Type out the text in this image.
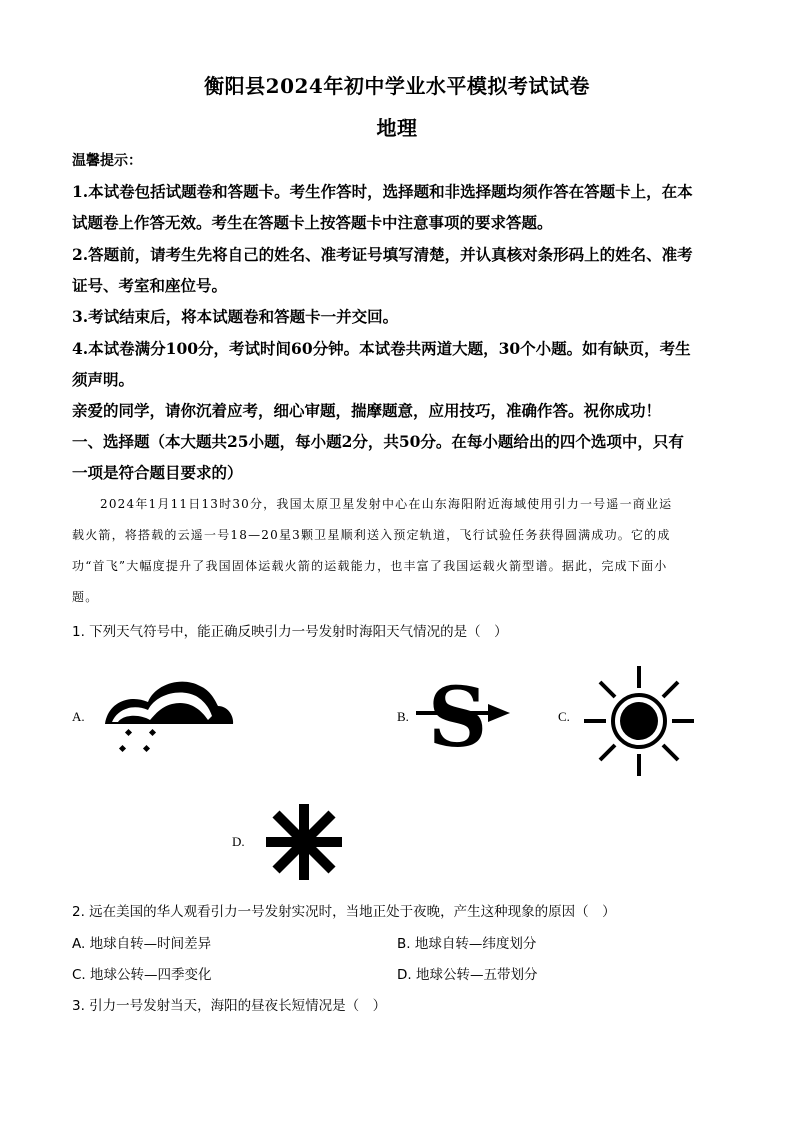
衡阳县2024年初中学业水平模拟考试试卷
地理
温馨提示：
1.本试卷包括试题卷和答题卡。考生作答时，选择题和非选择题均须作答在答题卡上，在本
试题卷上作答无效。考生在答题卡上按答题卡中注意事项的要求答题。
2.答题前，请考生先将自己的姓名、准考证号填写清楚，并认真核对条形码上的姓名、准考
证号、考室和座位号。
3.考试结束后，将本试题卷和答题卡一并交回。
4.本试卷满分100分，考试时间60分钟。本试卷共两道大题，30个小题。如有缺页，考生
须声明。
亲爱的同学，请你沉着应考，细心审题，揣摩题意，应用技巧，准确作答。祝你成功！
一、选择题（本大题共25小题，每小题2分，共50分。在每小题给出的四个选项中，只有
一项是符合题目要求的）
2024年1月11日13时30分，我国太原卫星发射中心在山东海阳附近海域使用引力一号遥一商业运
载火箭，将搭载的云遥一号18—20星3颗卫星顺利送入预定轨道，飞行试验任务获得圆满成功。它的成
功“首飞”大幅度提升了我国固体运载火箭的运载能力，也丰富了我国运载火箭型谱。据此，完成下面小
题。
1. 下列天气符号中，能正确反映引力一号发射时海阳天气情况的是（　）
A.	B. S	C.
D.
2. 远在美国的华人观看引力一号发射实况时，当地正处于夜晚，产生这种现象的原因（　）
A. 地球自转—时间差异	B. 地球自转—纬度划分
C. 地球公转—四季变化	D. 地球公转—五带划分
3. 引力一号发射当天，海阳的昼夜长短情况是（　）
